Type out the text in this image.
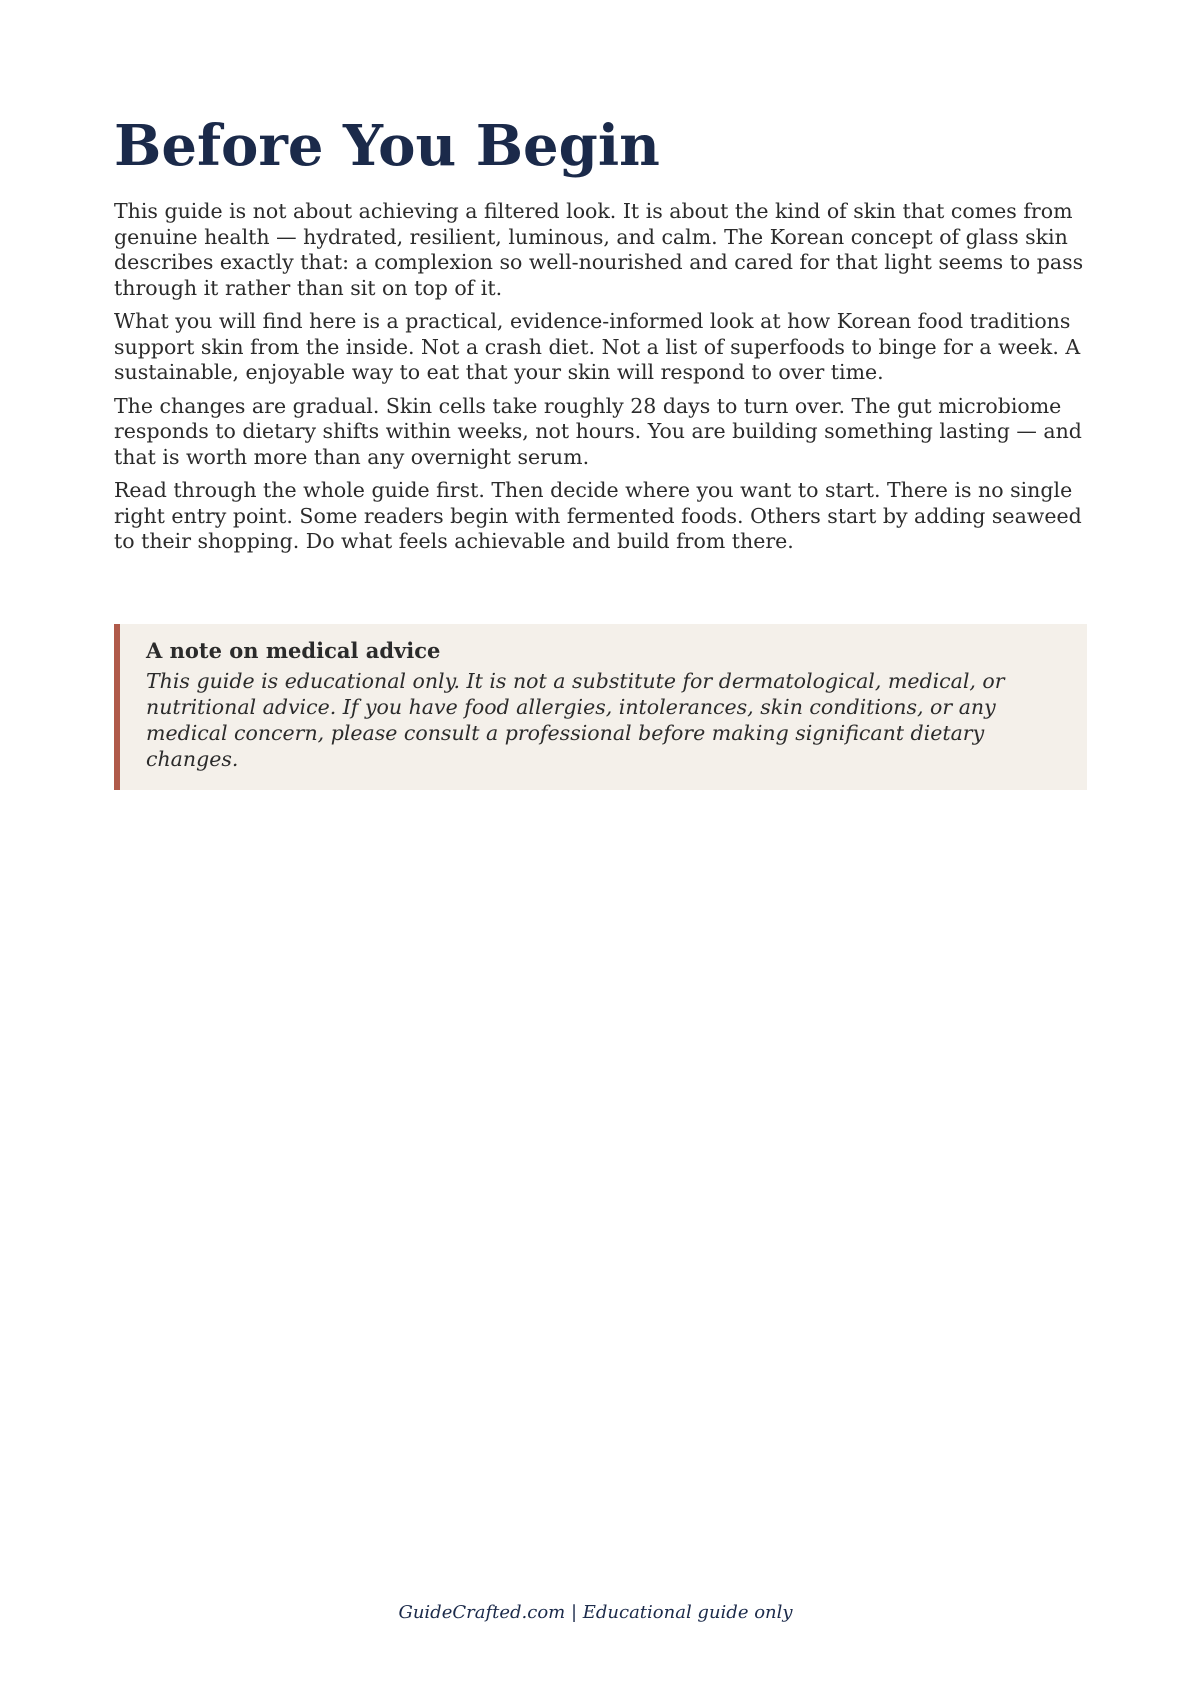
Before You Begin

This guide is not about achieving a filtered look. It is about the kind of skin that comes from genuine health — hydrated, resilient, luminous, and calm. The Korean concept of glass skin describes exactly that: a complexion so well-nourished and cared for that light seems to pass through it rather than sit on top of it.

What you will find here is a practical, evidence-informed look at how Korean food traditions support skin from the inside. Not a crash diet. Not a list of superfoods to binge for a week. A sustainable, enjoyable way to eat that your skin will respond to over time.

The changes are gradual. Skin cells take roughly 28 days to turn over. The gut microbiome responds to dietary shifts within weeks, not hours. You are building something lasting — and that is worth more than any overnight serum.

Read through the whole guide first. Then decide where you want to start. There is no single right entry point. Some readers begin with fermented foods. Others start by adding seaweed to their shopping. Do what feels achievable and build from there.

A note on medical advice

This guide is educational only. It is not a substitute for dermatological, medical, or nutritional advice. If you have food allergies, intolerances, skin conditions, or any medical concern, please consult a professional before making significant dietary changes.

GuideCrafted.com | Educational guide only
